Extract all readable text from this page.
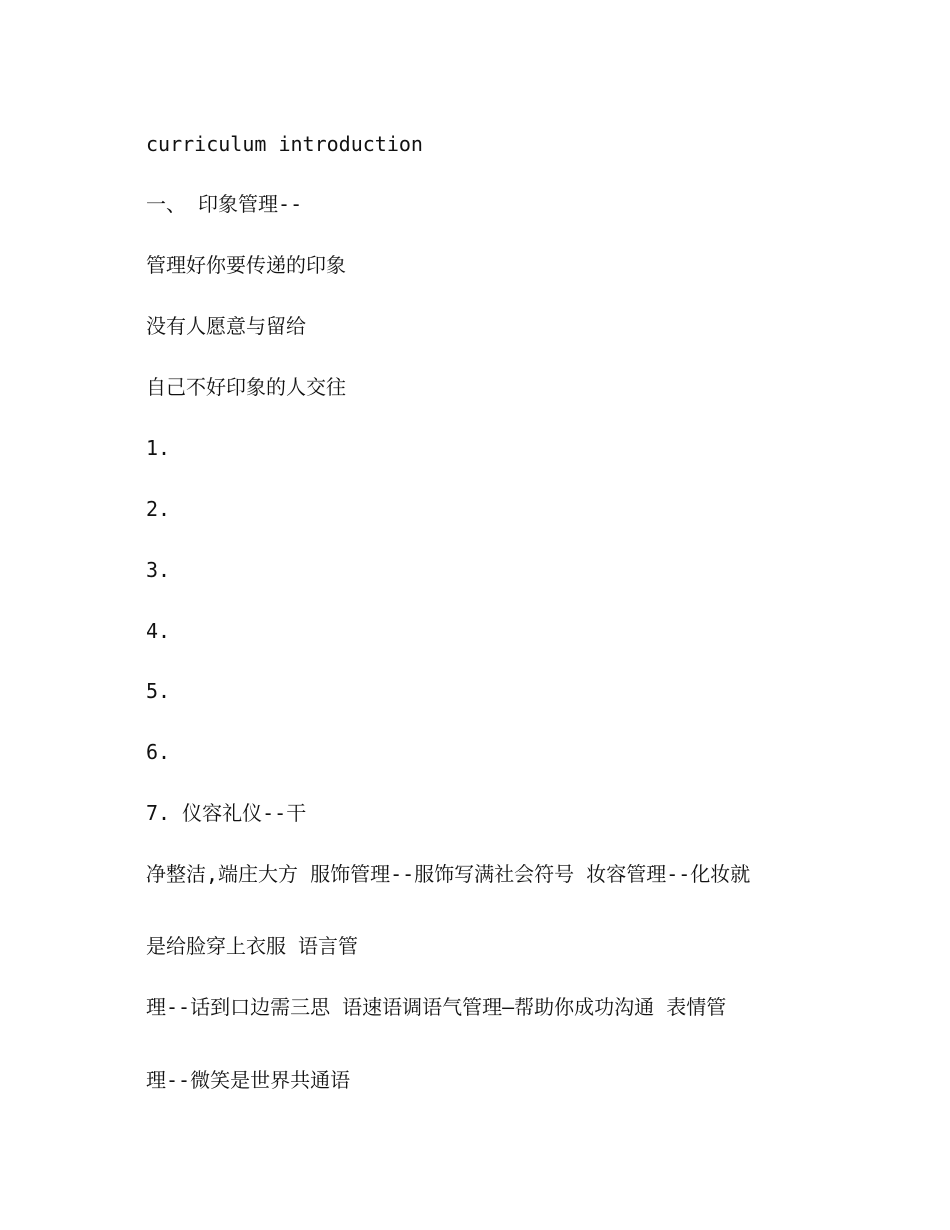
curriculum introduction
一、 印象管理--
管理好你要传递的印象
没有人愿意与留给
自己不好印象的人交往
1.
2.
3.
4.
5.
6.
7. 仪容礼仪--干
净整洁,端庄大方 服饰管理--服饰写满社会符号 妆容管理--化妆就
是给脸穿上衣服 语言管
理--话到口边需三思 语速语调语气管理—帮助你成功沟通 表情管
理--微笑是世界共通语
